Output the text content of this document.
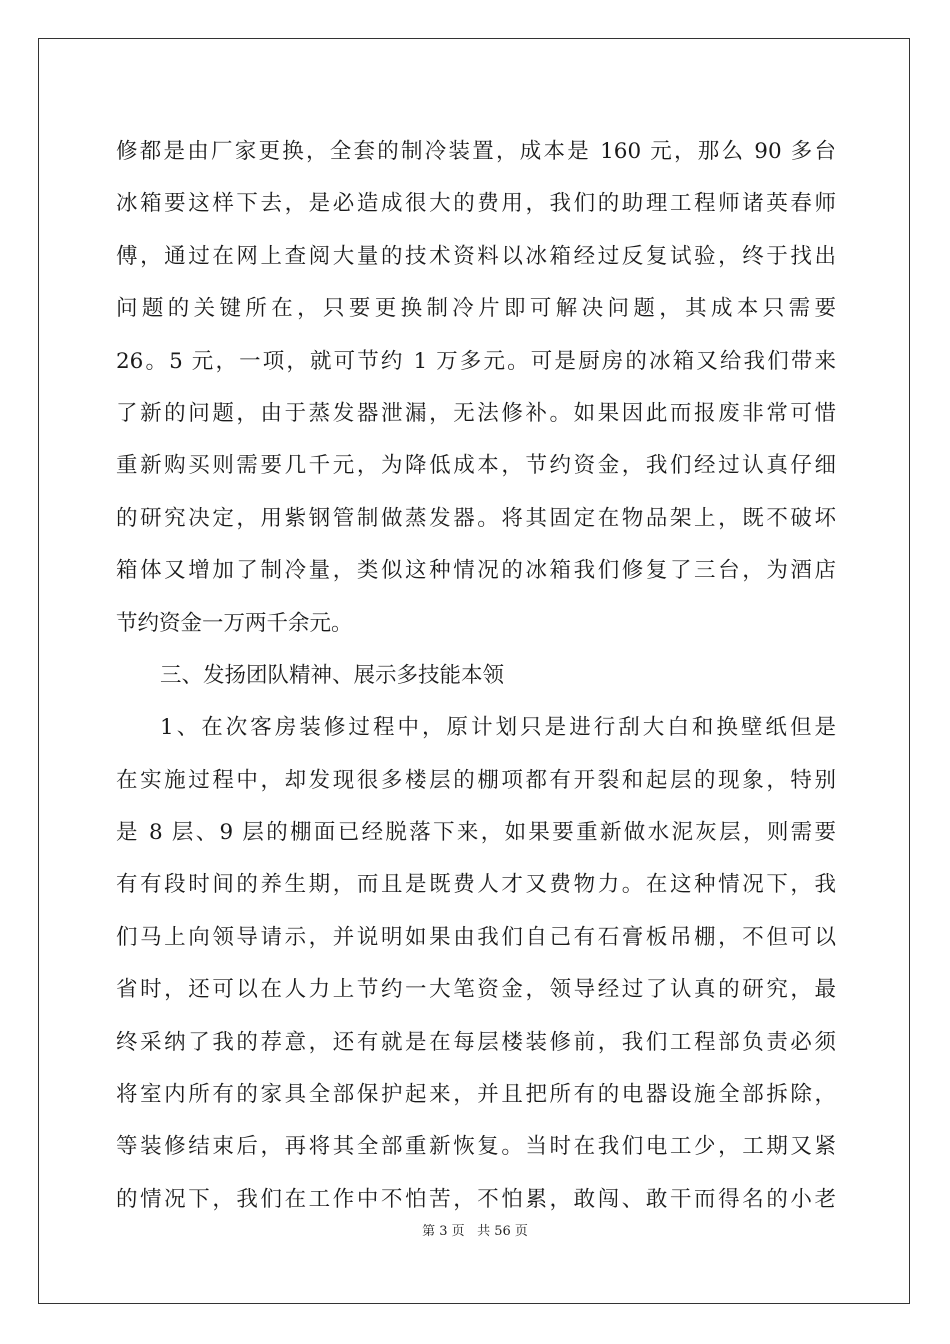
修都是由厂家更换，全套的制冷装置，成本是 160 元，那么 90 多台
冰箱要这样下去，是必造成很大的费用，我们的助理工程师诸英春师
傅，通过在网上查阅大量的技术资料以冰箱经过反复试验，终于找出
问题的关键所在，只要更换制冷片即可解决问题，其成本只需要
26。5 元，一项，就可节约 1 万多元。可是厨房的冰箱又给我们带来
了新的问题，由于蒸发器泄漏，无法修补。如果因此而报废非常可惜
重新购买则需要几千元，为降低成本，节约资金，我们经过认真仔细
的研究决定，用紫钢管制做蒸发器。将其固定在物品架上，既不破坏
箱体又增加了制冷量，类似这种情况的冰箱我们修复了三台，为酒店
节约资金一万两千余元。
三、发扬团队精神、展示多技能本领
1、在次客房装修过程中，原计划只是进行刮大白和换壁纸但是
在实施过程中，却发现很多楼层的棚项都有开裂和起层的现象，特别
是 8 层、9 层的棚面已经脱落下来，如果要重新做水泥灰层，则需要
有有段时间的养生期，而且是既费人才又费物力。在这种情况下，我
们马上向领导请示，并说明如果由我们自己有石膏板吊棚，不但可以
省时，还可以在人力上节约一大笔资金，领导经过了认真的研究，最
终采纳了我的荐意，还有就是在每层楼装修前，我们工程部负责必须
将室内所有的家具全部保护起来，并且把所有的电器设施全部拆除，
等装修结束后，再将其全部重新恢复。当时在我们电工少，工期又紧
的情况下，我们在工作中不怕苦，不怕累，敢闯、敢干而得名的小老
第 3 页 共 56 页
